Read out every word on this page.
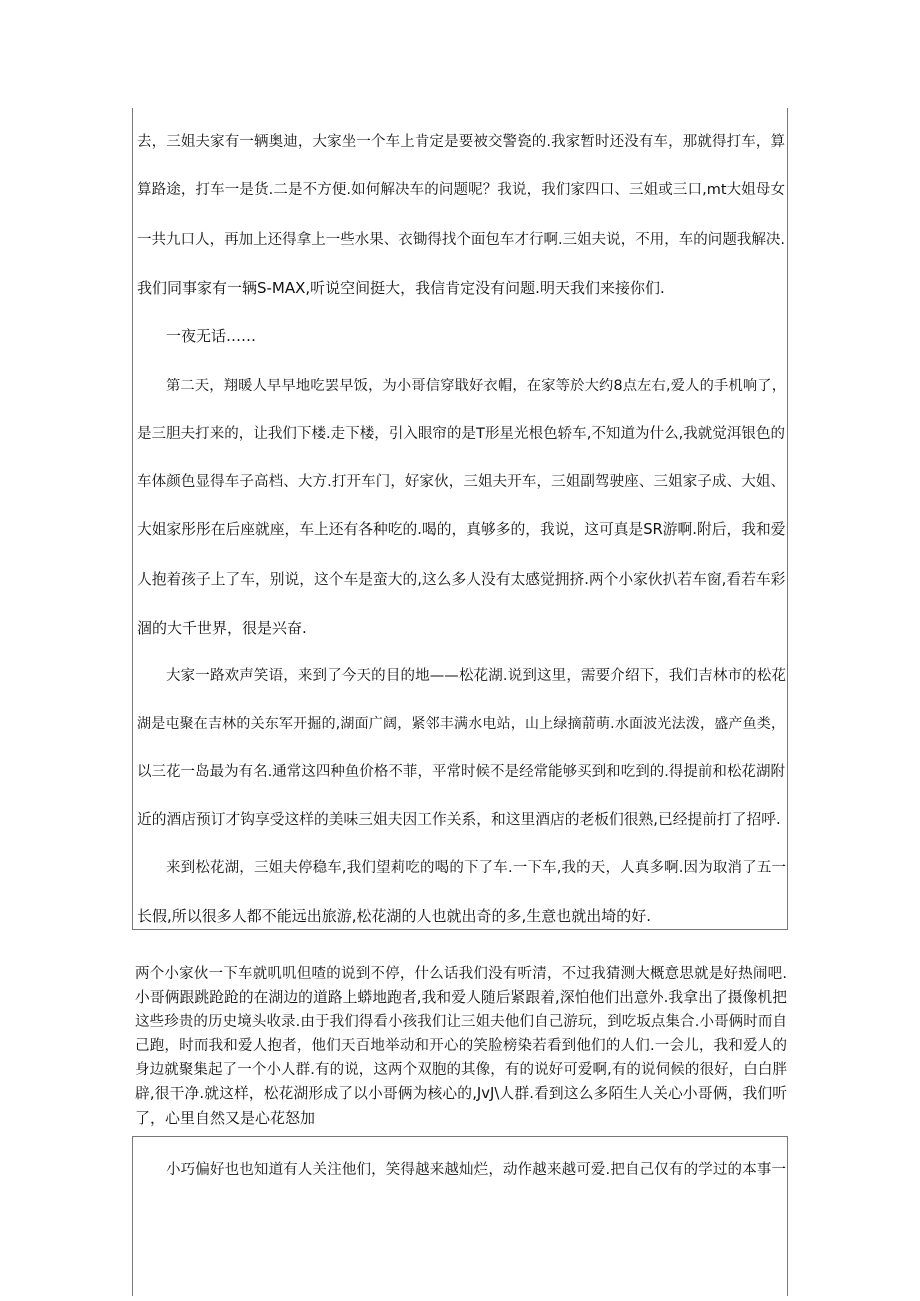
去，三姐夫家有一辆奥迪，大家坐一个车上肯定是要被交警瓷的.我家暂时还没有车，那就得打车，算
算路途，打车一是货.二是不方便.如何解决车的问题呢？我说，我们家四口、三姐或三口,mt大姐母女
一共九口人，再加上还得拿上一些水果、衣锄得找个面包车才行啊.三姐夫说，不用，车的问题我解决.
我们同事家有一辆S-MAX,听说空间挺大，我信肯定没有问题.明天我们来接你们.
一夜无话……
第二天，翔暖人早早地吃罢早饭，为小哥信穿戢好衣帽，在家等於大约8点左右,爱人的手机响了，
是三胆夫打来的，让我们下楼.走下楼，引入眼帘的是T形星光根色轿车,不知道为什么,我就觉洱银色的
车体颜色显得车子高档、大方.打开车门，好家伙，三姐夫开车，三姐副驾驶座、三姐家子成、大姐、
大姐家彤彤在后座就座，车上还有各种吃的.喝的，真够多的，我说，这可真是SR游啊.附后，我和爱
人抱着孩子上了车，别说，这个车是蛮大的,这么多人没有太感觉拥挤.两个小家伙扒若车窗,看若车彩
涸的大千世界，很是兴奋.
大家一路欢声笑语，来到了今天的目的地——松花湖.说到这里，需要介绍下，我们吉林市的松花
湖是屯聚在吉林的关东军开掘的,湖面广阔，紧邻丰满水电站，山上绿摘葥萌.水面波光法泼，盛产鱼类，
以三花一岛最为有名.通常这四种鱼价格不菲，平常时候不是经常能够买到和吃到的.得提前和松花湖附
近的酒店预订才钩享受这样的美味三姐夫因工作关系，和这里酒店的老板们很熟,已经提前打了招呼.
来到松花湖，三姐夫停稳车,我们望莉吃的喝的下了车.一下车,我的天，人真多啊.因为取消了五一
长假,所以很多人都不能远出旅游,松花湖的人也就出奇的多,生意也就出埼的好.
两个小家伙一下车就叽叽但喳的说到不停，什么话我们没有听清，不过我猜测大概意思就是好热闹吧.
小哥俩跟跳跄跄的在湖边的道路上蟒地跑者,我和爱人随后紧跟着,深怕他们出意外.我拿出了摄像机把
这些珍贵的历史境头收录.由于我们得看小孩我们让三姐夫他们自己游玩，到吃坂点集合.小哥俩时而自
己跑，时而我和爱人抱者，他们天百地举动和开心的笑脸榜染若看到他们的人们.一会儿，我和爱人的
身边就聚集起了一个小人群.有的说，这两个双胞的其像，有的说好可爱啊,有的说伺候的很好，白白胖
辟,很干净.就这样，松花湖形成了以小哥俩为核心的,JvJ\人群.看到这么多陌生人关心小哥俩，我们听
了，心里自然又是心花怒加
小巧偏好也也知道有人关注他们，笑得越来越灿烂，动作越来越可爱.把自己仅有的学过的本事一
